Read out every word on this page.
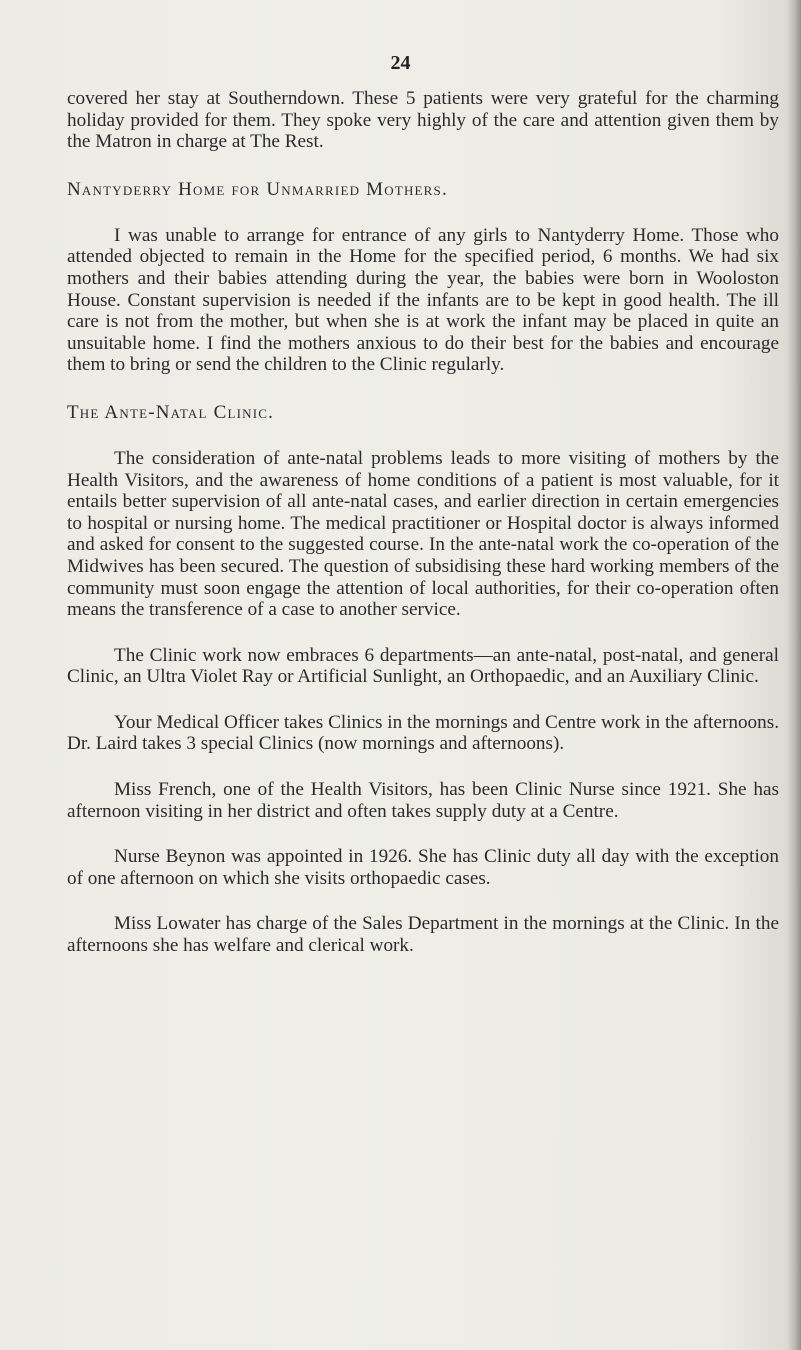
24

covered her stay at Southerndown. These 5 patients were very grateful for the charming holiday provided for them. They spoke very highly of the care and attention given them by the Matron in charge at The Rest.

Nantyderry Home for Unmarried Mothers.

I was unable to arrange for entrance of any girls to Nantyderry Home. Those who attended objected to remain in the Home for the specified period, 6 months. We had six mothers and their babies attending during the year, the babies were born in Wooloston House. Constant supervision is needed if the infants are to be kept in good health. The ill care is not from the mother, but when she is at work the infant may be placed in quite an unsuitable home. I find the mothers anxious to do their best for the babies and encourage them to bring or send the children to the Clinic regularly.

The Ante-Natal Clinic.

The consideration of ante-natal problems leads to more visiting of mothers by the Health Visitors, and the awareness of home conditions of a patient is most valuable, for it entails better supervision of all ante-natal cases, and earlier direction in certain emergencies to hospital or nursing home. The medical practitioner or Hospital doctor is always informed and asked for consent to the suggested course. In the ante-natal work the co-operation of the Midwives has been secured. The question of subsidising these hard working members of the community must soon engage the attention of local authorities, for their co-operation often means the transference of a case to another service.

The Clinic work now embraces 6 departments—an ante-natal, post-natal, and general Clinic, an Ultra Violet Ray or Artificial Sunlight, an Orthopaedic, and an Auxiliary Clinic.

Your Medical Officer takes Clinics in the mornings and Centre work in the afternoons. Dr. Laird takes 3 special Clinics (now mornings and afternoons).

Miss French, one of the Health Visitors, has been Clinic Nurse since 1921. She has afternoon visiting in her district and often takes supply duty at a Centre.

Nurse Beynon was appointed in 1926. She has Clinic duty all day with the exception of one afternoon on which she visits orthopaedic cases.

Miss Lowater has charge of the Sales Department in the mornings at the Clinic. In the afternoons she has welfare and clerical work.
